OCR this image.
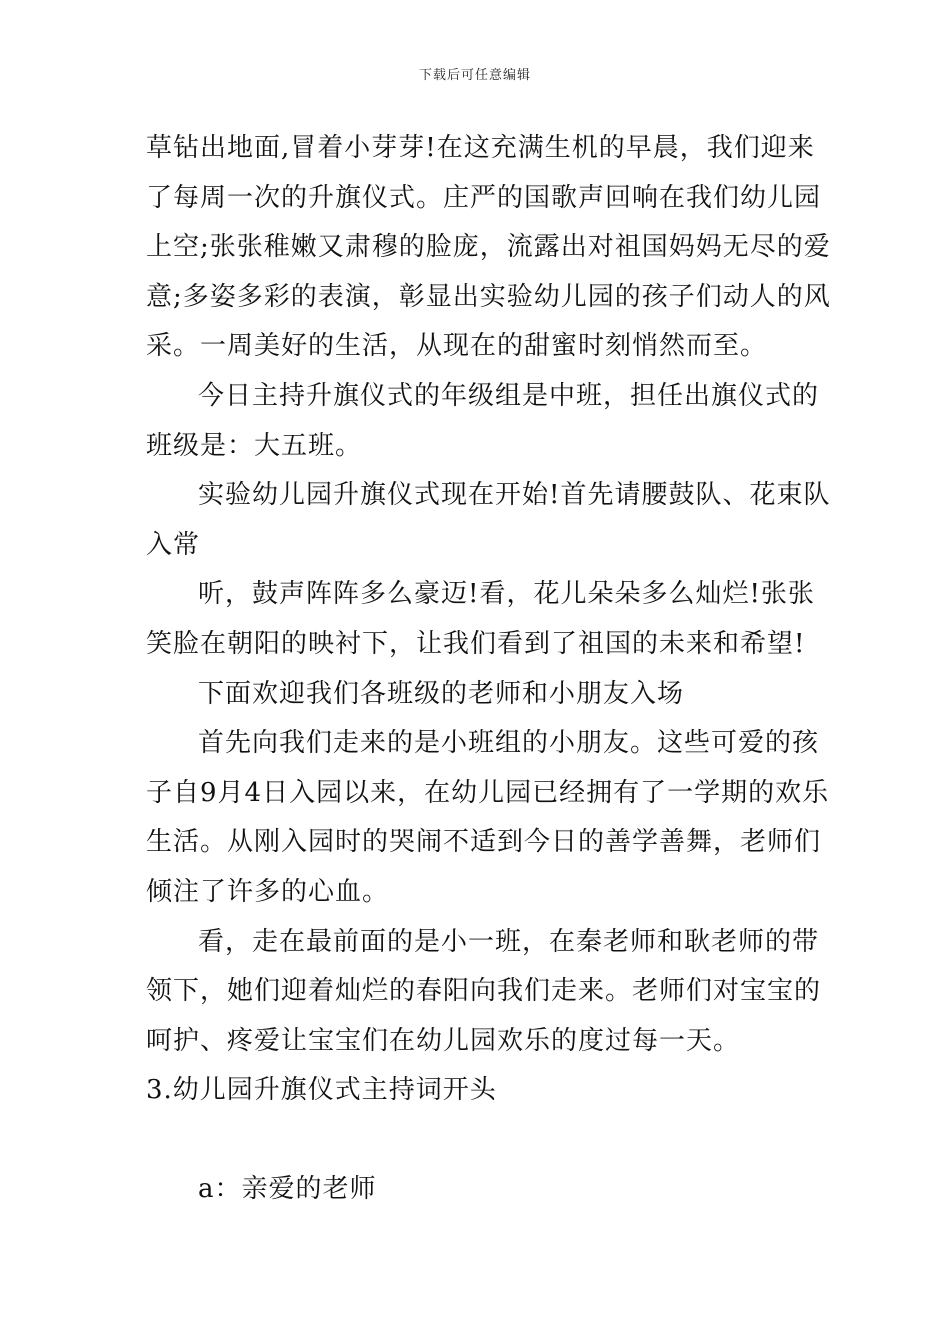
下载后可任意编辑

草钻出地面,冒着小芽芽!在这充满生机的早晨，我们迎来
了每周一次的升旗仪式。庄严的国歌声回响在我们幼儿园
上空;张张稚嫩又肃穆的脸庞，流露出对祖国妈妈无尽的爱
意;多姿多彩的表演，彰显出实验幼儿园的孩子们动人的风
采。一周美好的生活，从现在的甜蜜时刻悄然而至。

今日主持升旗仪式的年级组是中班，担任出旗仪式的
班级是：大五班。

实验幼儿园升旗仪式现在开始!首先请腰鼓队、花束队
入常

听，鼓声阵阵多么豪迈!看，花儿朵朵多么灿烂!张张
笑脸在朝阳的映衬下，让我们看到了祖国的未来和希望!

下面欢迎我们各班级的老师和小朋友入场

首先向我们走来的是小班组的小朋友。这些可爱的孩
子自9月4日入园以来，在幼儿园已经拥有了一学期的欢乐
生活。从刚入园时的哭闹不适到今日的善学善舞，老师们
倾注了许多的心血。

看，走在最前面的是小一班，在秦老师和耿老师的带
领下，她们迎着灿烂的春阳向我们走来。老师们对宝宝的
呵护、疼爱让宝宝们在幼儿园欢乐的度过每一天。

3.幼儿园升旗仪式主持词开头

a：亲爱的老师
